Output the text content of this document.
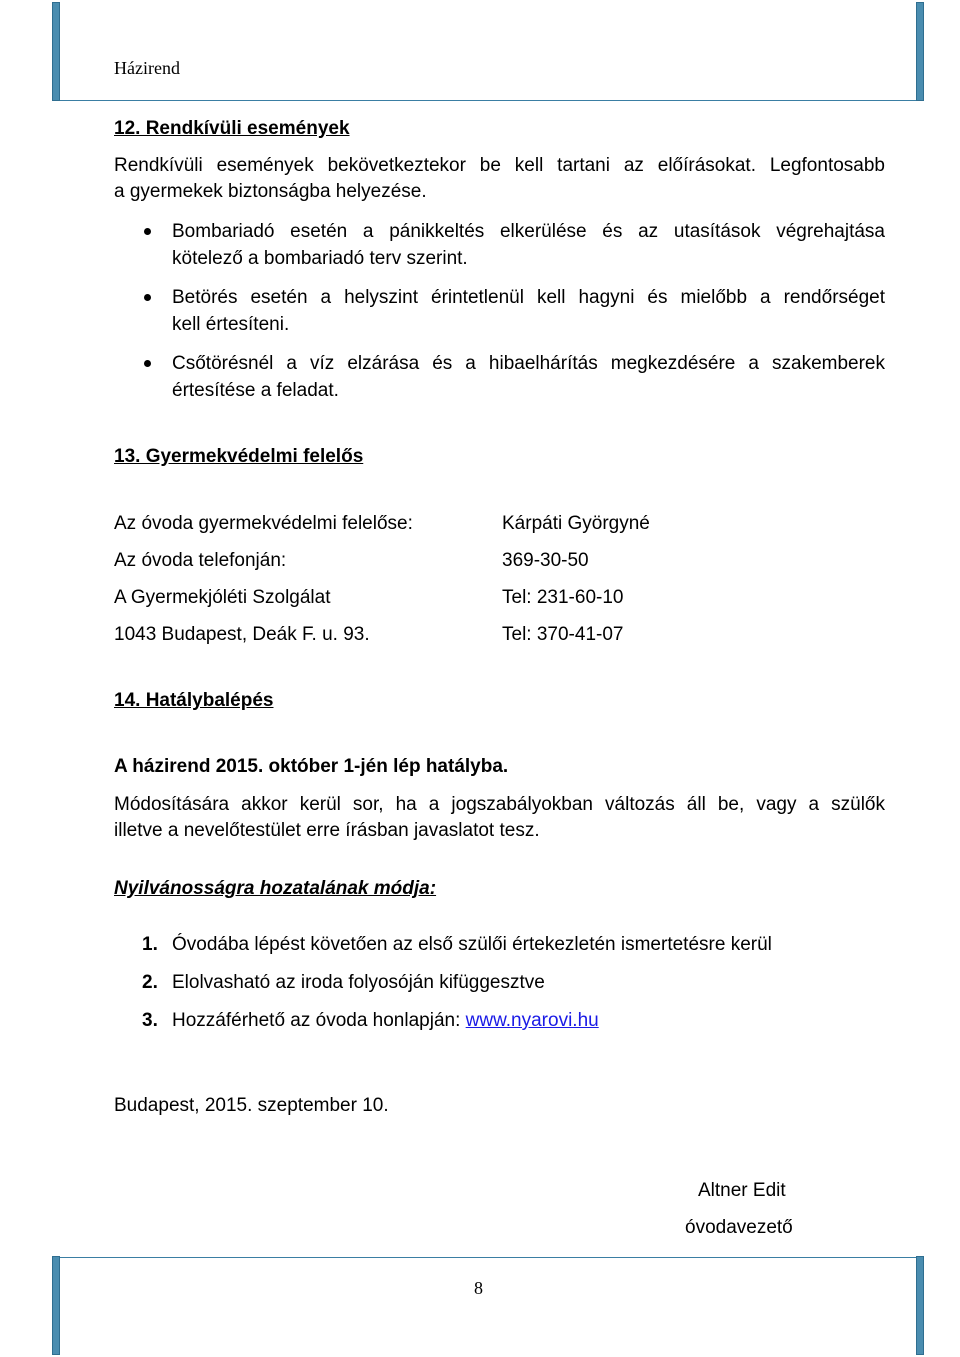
Házirend
12. Rendkívüli események
Rendkívüli események bekövetkeztekor be kell tartani az előírásokat. Legfontosabb
a gyermekek biztonságba helyezése.
Bombariadó esetén a pánikkeltés elkerülése és az utasítások végrehajtása
kötelező a bombariadó terv szerint.
Betörés esetén a helyszint érintetlenül kell hagyni és mielőbb a rendőrséget
kell értesíteni.
Csőtörésnél a víz elzárása és a hibaelhárítás megkezdésére a szakemberek
értesítése a feladat.
13. Gyermekvédelmi felelős
Az óvoda gyermekvédelmi felelőse:	Kárpáti Györgyné
Az óvoda telefonján:	369-30-50
A Gyermekjóléti Szolgálat	Tel: 231-60-10
1043 Budapest, Deák F. u. 93.	Tel: 370-41-07
14. Hatálybalépés
A házirend 2015. október 1-jén lép hatályba.
Módosítására akkor kerül sor, ha a jogszabályokban változás áll be, vagy a szülők
illetve a nevelőtestület erre írásban javaslatot tesz.
Nyilvánosságra hozatalának módja:
1. Óvodába lépést követően az első szülői értekezletén ismertetésre kerül
2. Elolvasható az iroda folyosóján kifüggesztve
3. Hozzáférhető az óvoda honlapján: www.nyarovi.hu
Budapest, 2015. szeptember 10.
Altner Edit
óvodavezető
8
